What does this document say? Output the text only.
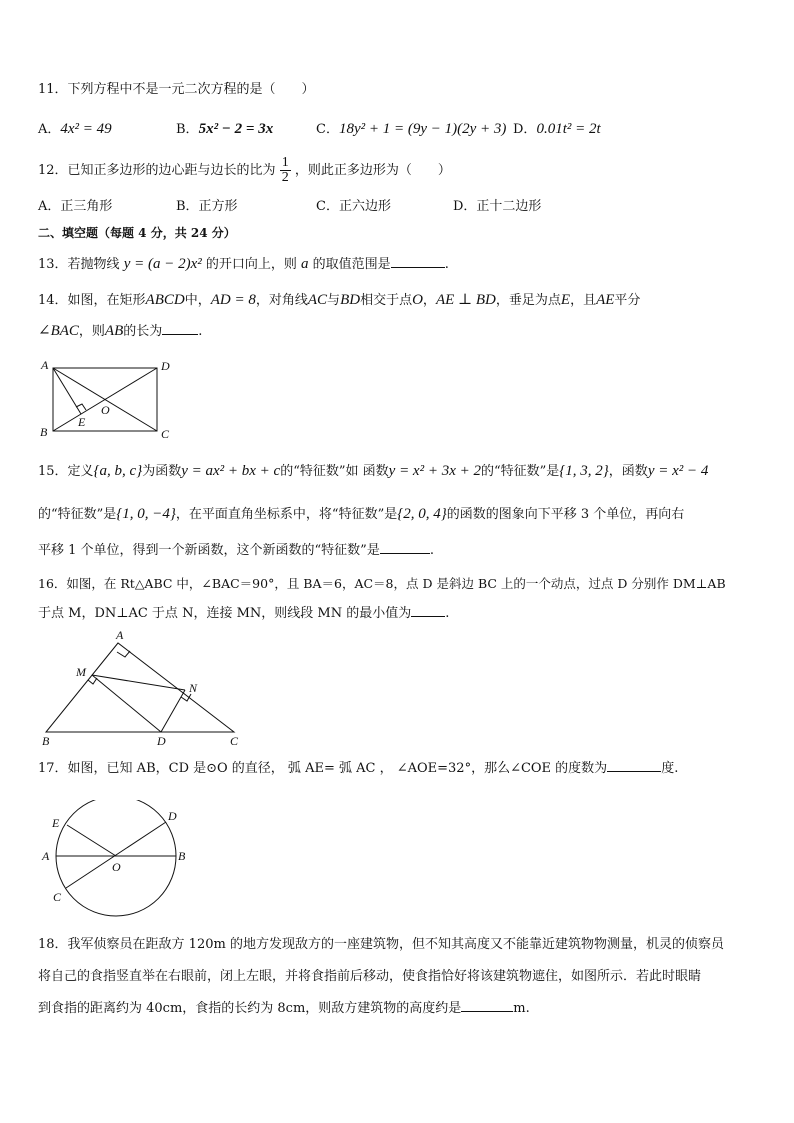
11．下列方程中不是一元二次方程的是（　　）
A．4x² = 49	B．5x² − 2 = 3x	C．18y² + 1 = (9y − 1)(2y + 3) D．0.01t² = 2t
12．已知正多边形的边心距与边长的比为 $\frac{1}{2}$ ，则此正多边形为（　　）
A．正三角形	B．正方形	C．正六边形	D．正十二边形
二、填空题（每题 4 分，共 24 分）
13．若抛物线 y = (a − 2)x² 的开口向上，则 a 的取值范围是	.
14．如图，在矩形ABCD中，AD = 8，对角线AC与BD相交于点O，AE ⊥ BD，垂足为点E，且AE平分
∠BAC，则AB的长为	.
A	D
B	C
E
O
15．定义{a, b, c}为函数y = ax² + bx + c的“特征数”如 函数y = x² + 3x + 2的“特征数”是{1, 3, 2}，函数y = x² − 4
的“特征数”是{1, 0, −4}，在平面直角坐标系中，将“特征数”是{2, 0, 4}的函数的图象向下平移 3 个单位，再向右
平移 1 个单位，得到一个新函数，这个新函数的“特征数”是	.
16．如图，在 Rt△ABC 中，∠BAC＝90°，且 BA＝6，AC＝8，点 D 是斜边 BC 上的一个动点，过点 D 分别作 DM⊥AB
于点 M，DN⊥AC 于点 N，连接 MN，则线段 MN 的最小值为	.
A
M
N
B	D	C
17．如图，已知 AB，CD 是⊙O 的直径， 弧 AE= 弧 AC ， ∠AOE=32°，那么∠COE 的度数为	度.
E	D
A	B
O
C
18．我军侦察员在距敌方 120m 的地方发现敌方的一座建筑物，但不知其高度又不能靠近建筑物物测量，机灵的侦察员
将自己的食指竖直举在右眼前，闭上左眼，并将食指前后移动，使食指恰好将该建筑物遮住，如图所示．若此时眼睛
到食指的距离约为 40cm，食指的长约为 8cm，则敌方建筑物的高度约是	m.
